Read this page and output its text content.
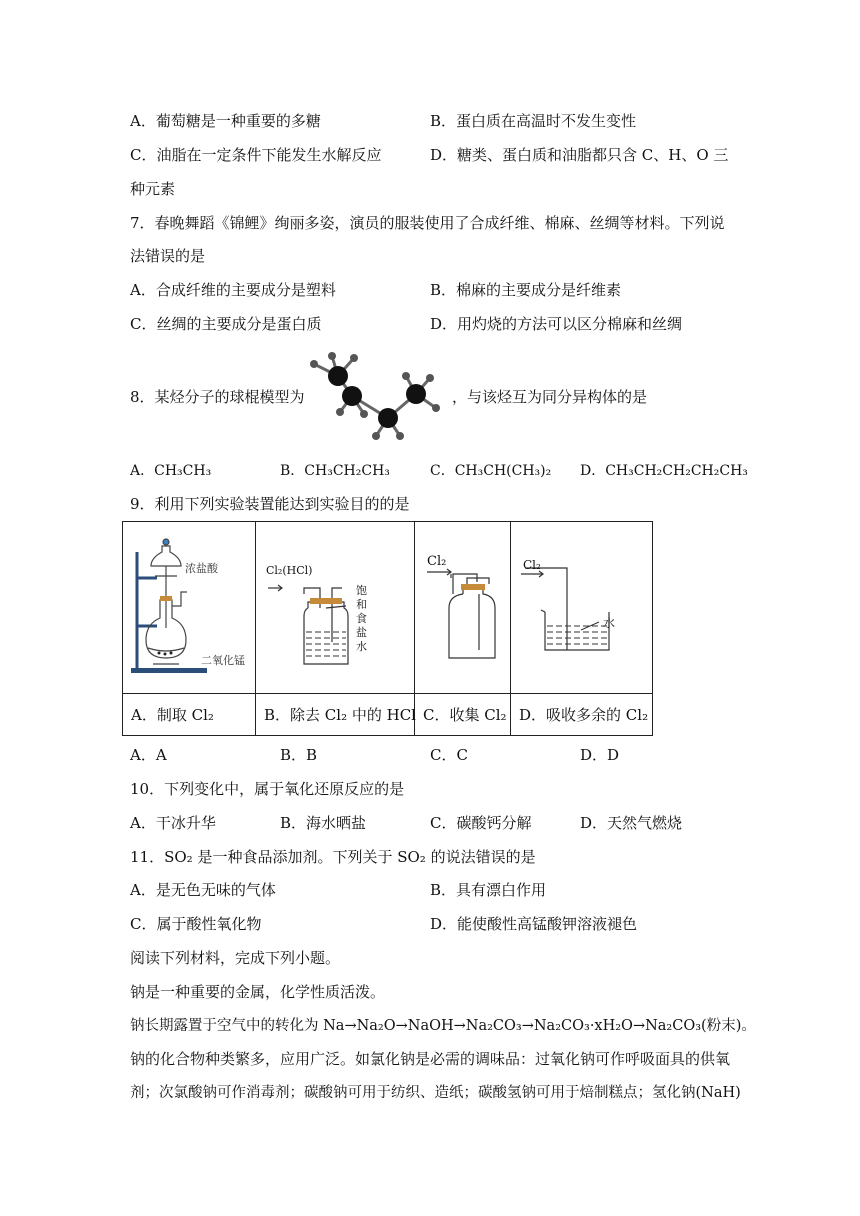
A．葡萄糖是一种重要的多糖	B．蛋白质在高温时不发生变性
C．油脂在一定条件下能发生水解反应	D．糖类、蛋白质和油脂都只含 C、H、O 三
种元素
7．春晚舞蹈《锦鲤》绚丽多姿，演员的服装使用了合成纤维、棉麻、丝绸等材料。下列说
法错误的是
A．合成纤维的主要成分是塑料	B．棉麻的主要成分是纤维素
C．丝绸的主要成分是蛋白质	D．用灼烧的方法可以区分棉麻和丝绸
8．某烃分子的球棍模型为	，与该烃互为同分异构体的是
A．CH₃CH₃	B．CH₃CH₂CH₃	C．CH₃CH(CH₃)₂ D．CH₃CH₂CH₂CH₂CH₃
9．利用下列实验装置能达到实验目的的是
浓盐酸
二氧化锰
Cl₂(HCl)
饱和食盐水
Cl₂	Cl₂
水
A．制取 Cl₂	B．除去 Cl₂ 中的 HCl C．收集 Cl₂ D．吸收多余的 Cl₂
A．A	B．B	C．C	D．D
10．下列变化中，属于氧化还原反应的是
A．干冰升华	B．海水晒盐	C．碳酸钙分解	D．天然气燃烧
11．SO₂ 是一种食品添加剂。下列关于 SO₂ 的说法错误的是
A．是无色无味的气体	B．具有漂白作用
C．属于酸性氧化物	D．能使酸性高锰酸钾溶液褪色
阅读下列材料，完成下列小题。
钠是一种重要的金属，化学性质活泼。
钠长期露置于空气中的转化为 Na→Na₂O→NaOH→Na₂CO₃→Na₂CO₃·xH₂O→Na₂CO₃(粉末)。
钠的化合物种类繁多，应用广泛。如氯化钠是必需的调味品：过氧化钠可作呼吸面具的供氧
剂；次氯酸钠可作消毒剂；碳酸钠可用于纺织、造纸；碳酸氢钠可用于焙制糕点；氢化钠(NaH)
